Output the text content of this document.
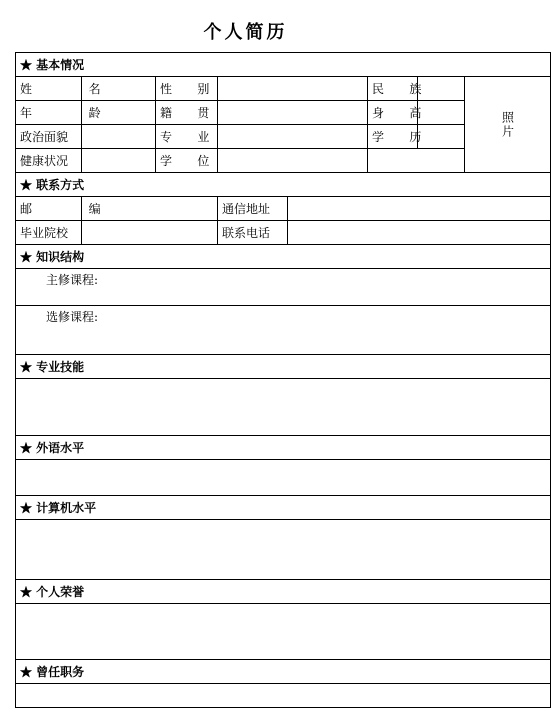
个人简历
★ 基本情况							
姓 名		性 别			民 族		照片

年 龄		籍 贯			身 高		
政治面貌		专 业			学 历		
健康状况		学 位					
★ 联系方式							
邮 编			通信地址				
毕业院校			联系电话				
★ 知识结构							
主修课程:							
选修课程:							
★ 专业技能							

★ 外语水平							

★ 计算机水平							

★ 个人荣誉							

★ 曾任职务							
